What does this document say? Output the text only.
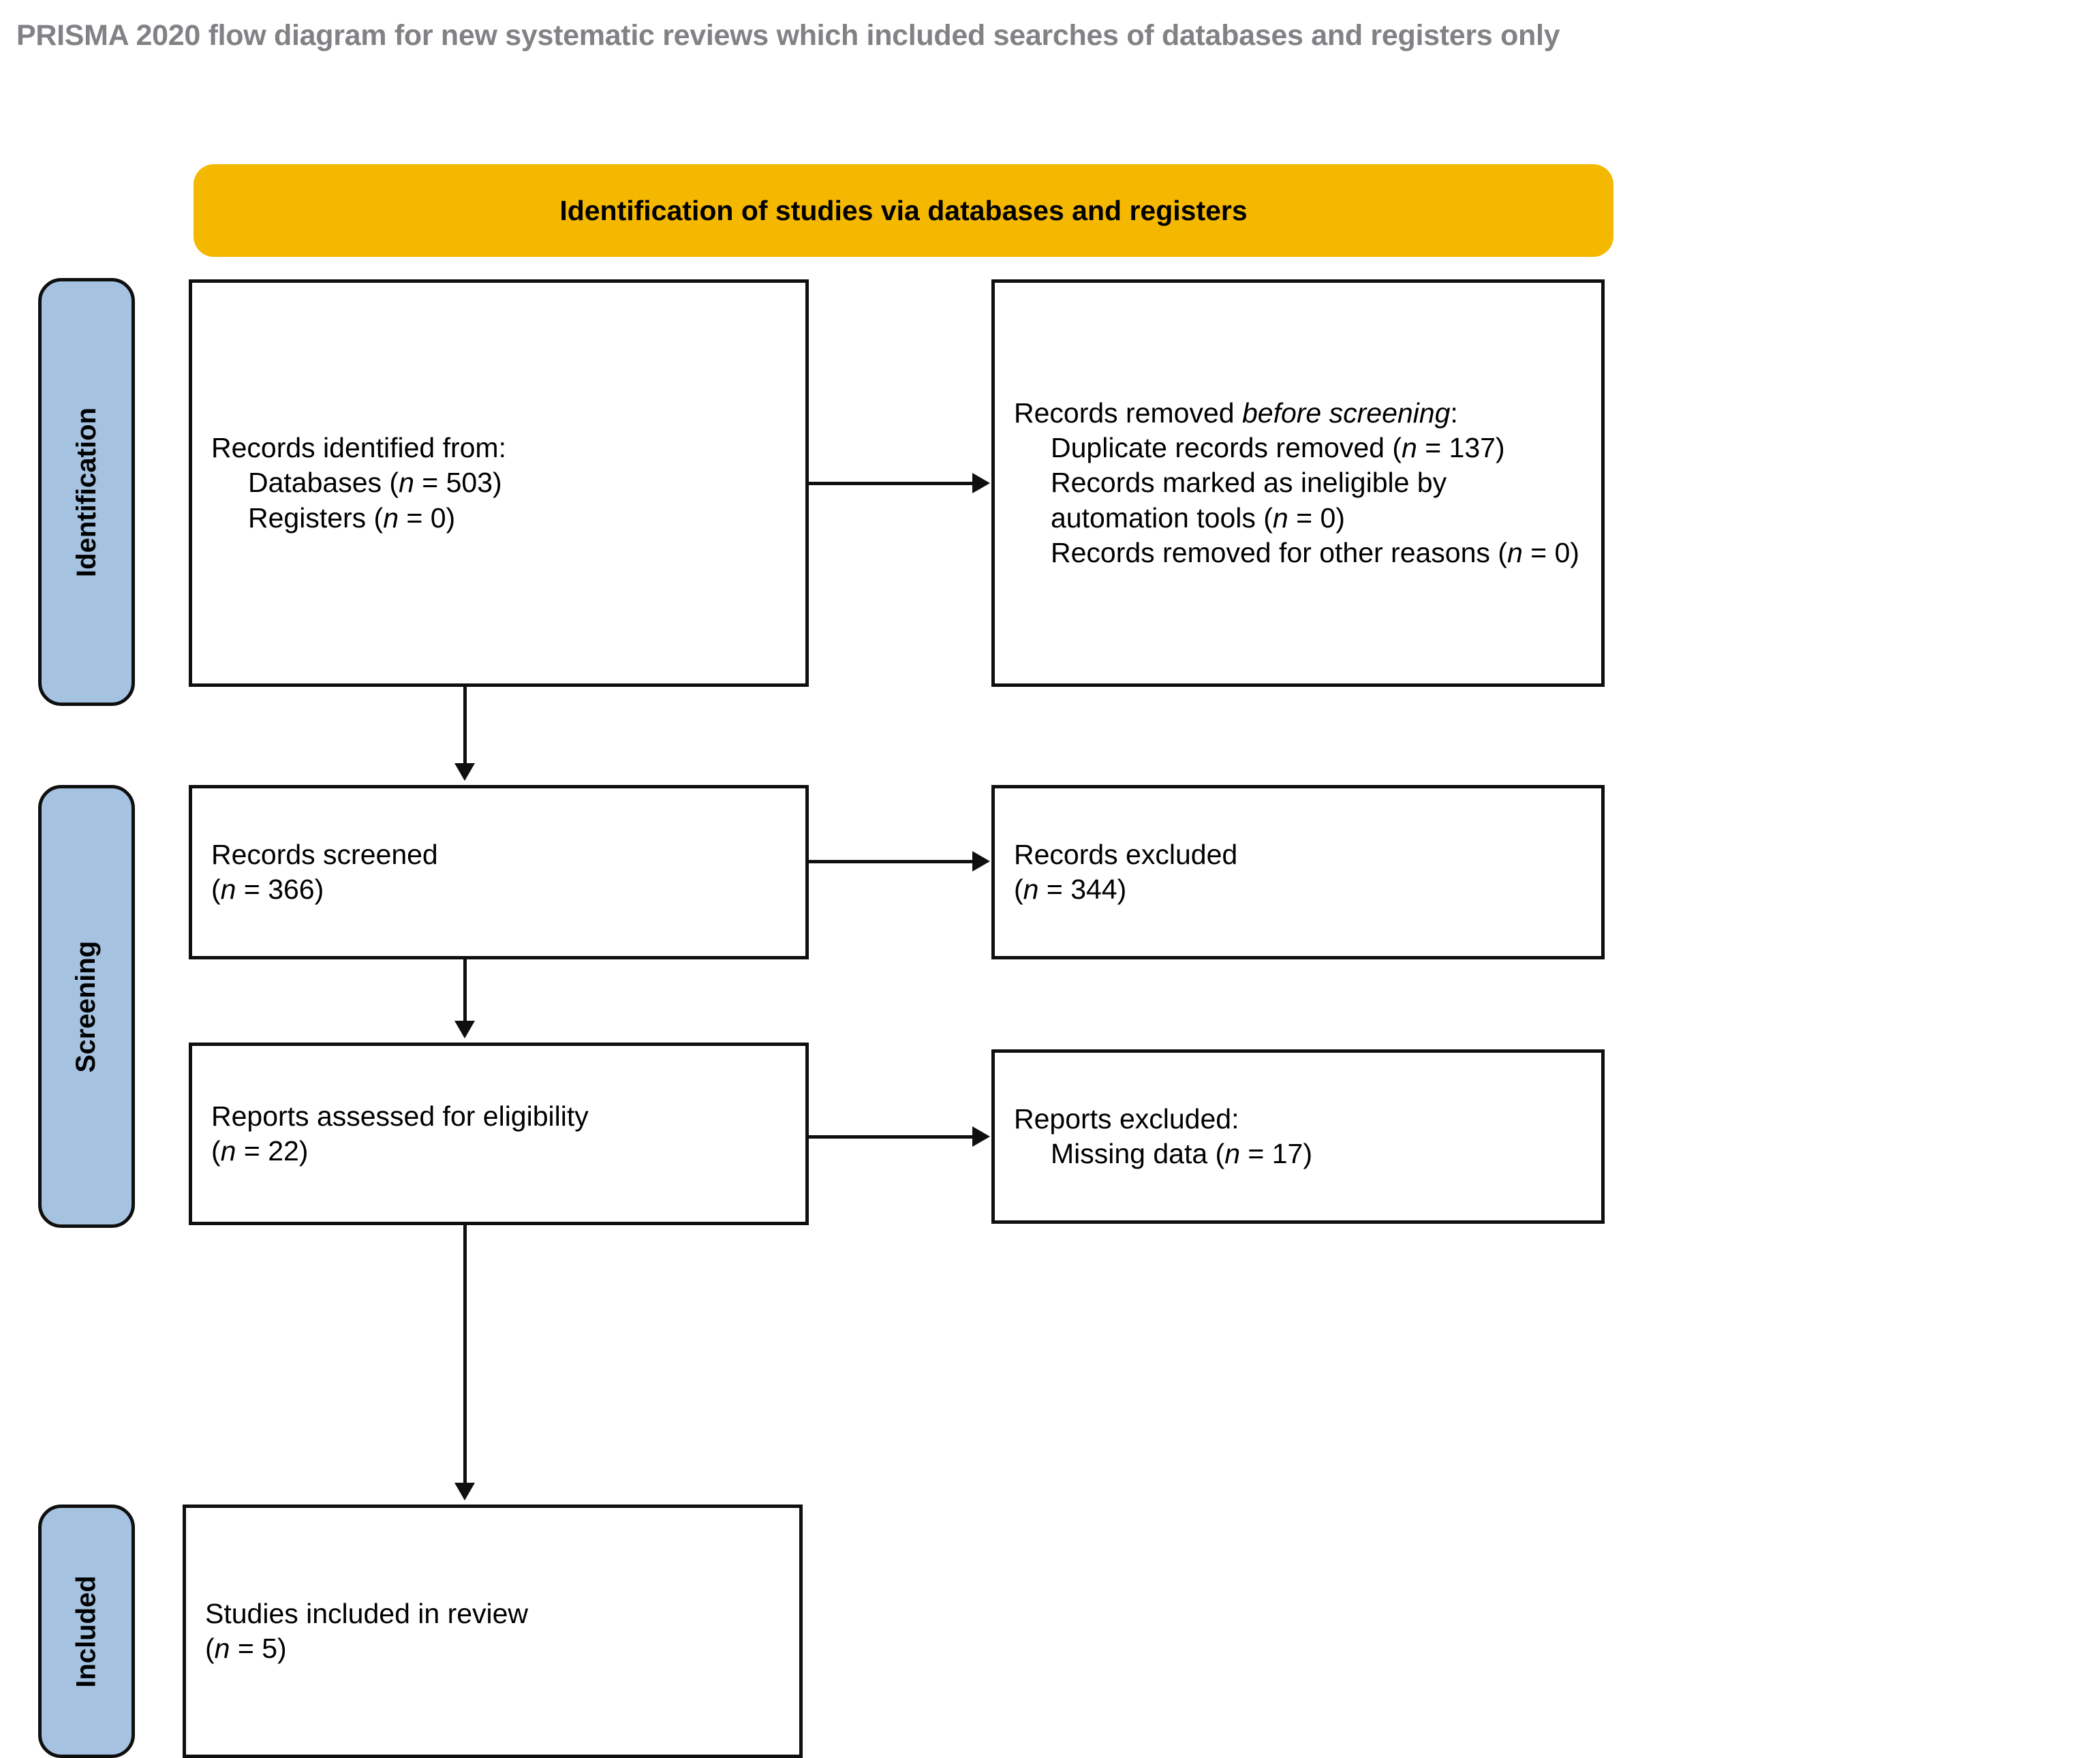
PRISMA 2020 flow diagram for new systematic reviews which included searches of databases and registers only
Identification of studies via databases and registers
Identification
Screening
Included
Records identified from:
Databases (n = 503)
Registers (n = 0)
Records removed before screening:
Duplicate records removed (n = 137)
Records marked as ineligible by automation tools (n = 0)
Records removed for other reasons (n = 0)
Records screened
(n = 366)
Records excluded
(n = 344)
Reports assessed for eligibility
(n = 22)
Reports excluded:
Missing data (n = 17)
Studies included in review
(n = 5)
